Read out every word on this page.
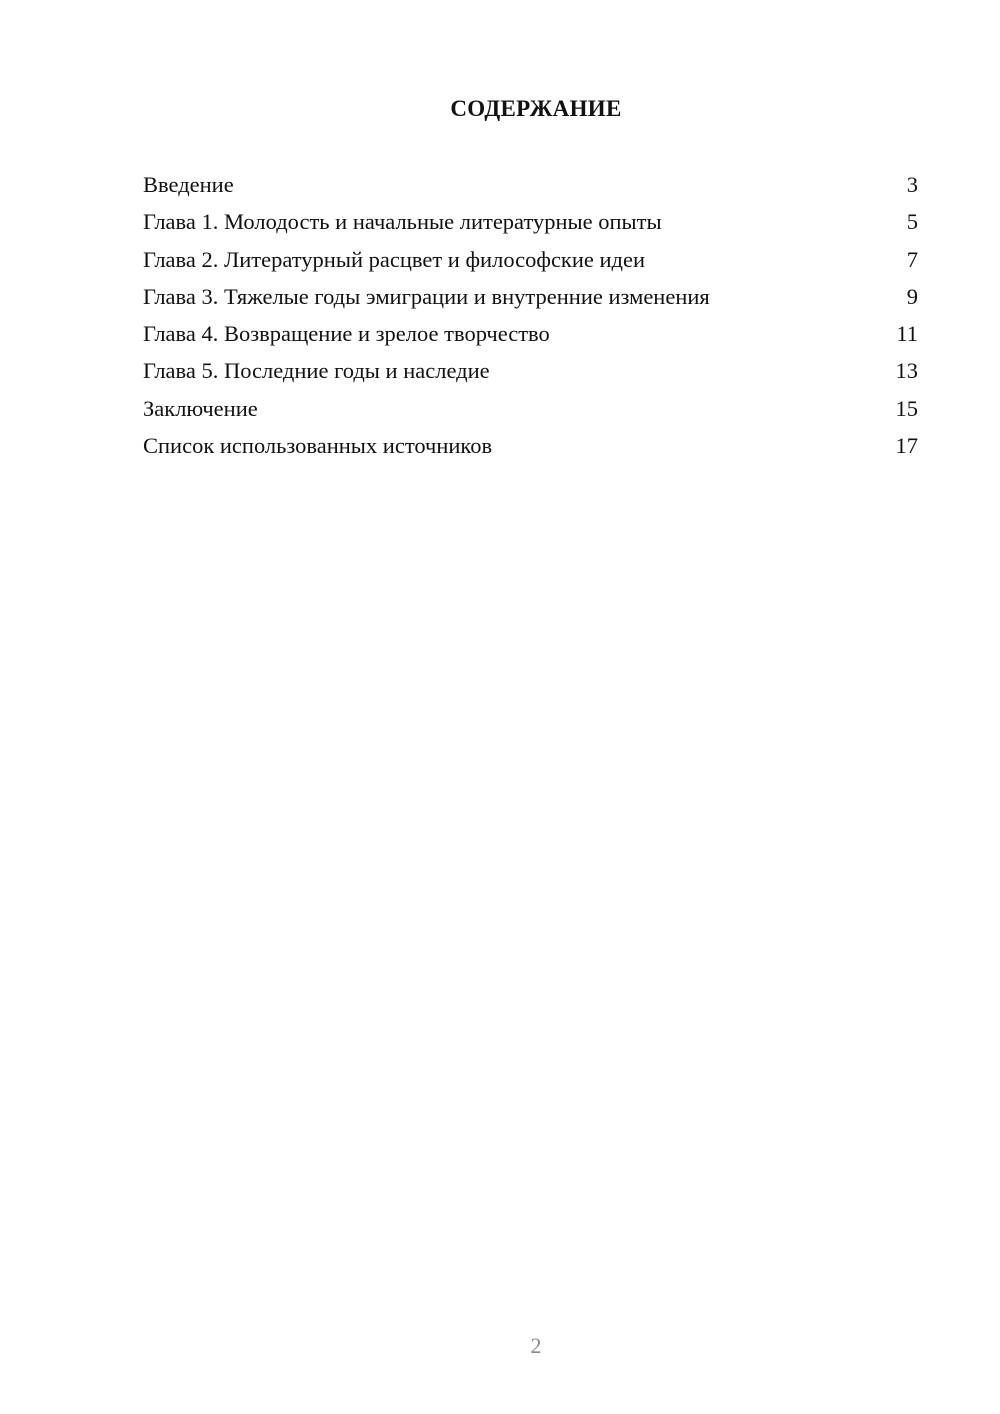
СОДЕРЖАНИЕ
Введение	3
Глава 1. Молодость и начальные литературные опыты	5
Глава 2. Литературный расцвет и философские идеи	7
Глава 3. Тяжелые годы эмиграции и внутренние изменения	9
Глава 4. Возвращение и зрелое творчество	11
Глава 5. Последние годы и наследие	13
Заключение	15
Список использованных источников	17
2
